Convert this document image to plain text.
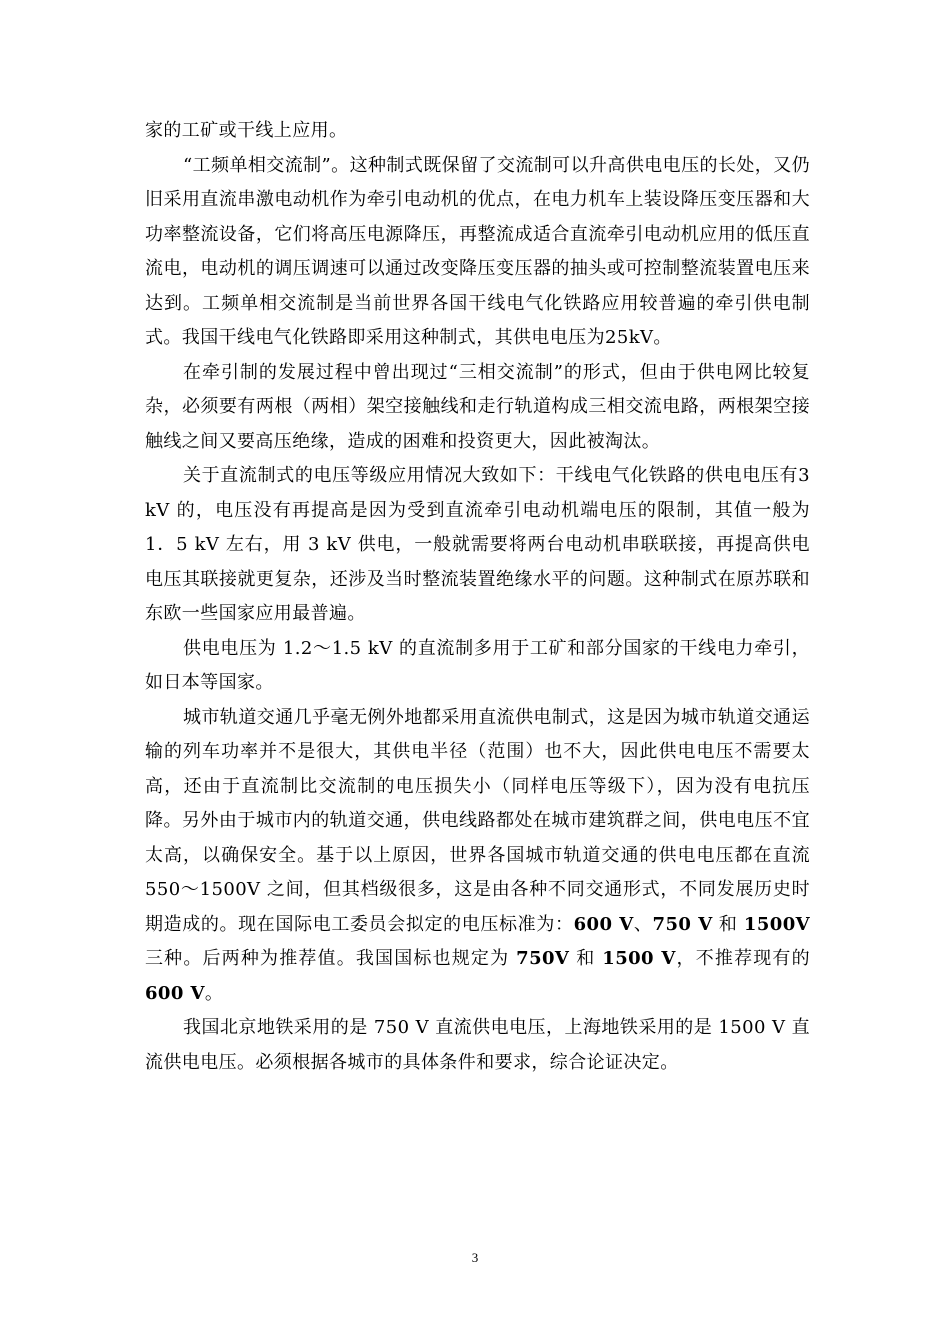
家的工矿或干线上应用。

“工频单相交流制”。这种制式既保留了交流制可以升高供电电压的长处，又仍旧采用直流串激电动机作为牵引电动机的优点，在电力机车上装设降压变压器和大功率整流设备，它们将高压电源降压，再整流成适合直流牵引电动机应用的低压直流电，电动机的调压调速可以通过改变降压变压器的抽头或可控制整流装置电压来达到。工频单相交流制是当前世界各国干线电气化铁路应用较普遍的牵引供电制式。我国干线电气化铁路即采用这种制式，其供电电压为25kV。

在牵引制的发展过程中曾出现过“三相交流制”的形式，但由于供电网比较复杂，必须要有两根（两相）架空接触线和走行轨道构成三相交流电路，两根架空接触线之间又要高压绝缘，造成的困难和投资更大，因此被淘汰。

关于直流制式的电压等级应用情况大致如下：干线电气化铁路的供电电压有3 kV 的，电压没有再提高是因为受到直流牵引电动机端电压的限制，其值一般为 1．5 kV 左右，用 3 kV 供电，一般就需要将两台电动机串联联接，再提高供电电压其联接就更复杂，还涉及当时整流装置绝缘水平的问题。这种制式在原苏联和东欧一些国家应用最普遍。

供电电压为 1.2～1.5 kV 的直流制多用于工矿和部分国家的干线电力牵引，如日本等国家。

城市轨道交通几乎毫无例外地都采用直流供电制式，这是因为城市轨道交通运输的列车功率并不是很大，其供电半径（范围）也不大，因此供电电压不需要太高，还由于直流制比交流制的电压损失小（同样电压等级下），因为没有电抗压降。另外由于城市内的轨道交通，供电线路都处在城市建筑群之间，供电电压不宜太高，以确保安全。基于以上原因，世界各国城市轨道交通的供电电压都在直流 550～1500V 之间，但其档级很多，这是由各种不同交通形式，不同发展历史时期造成的。现在国际电工委员会拟定的电压标准为：600 V、750 V 和 1500V 三种。后两种为推荐值。我国国标也规定为 750V 和 1500 V，不推荐现有的 600 V。

我国北京地铁采用的是 750 V 直流供电电压，上海地铁采用的是 1500 V 直流供电电压。必须根据各城市的具体条件和要求，综合论证决定。

3
